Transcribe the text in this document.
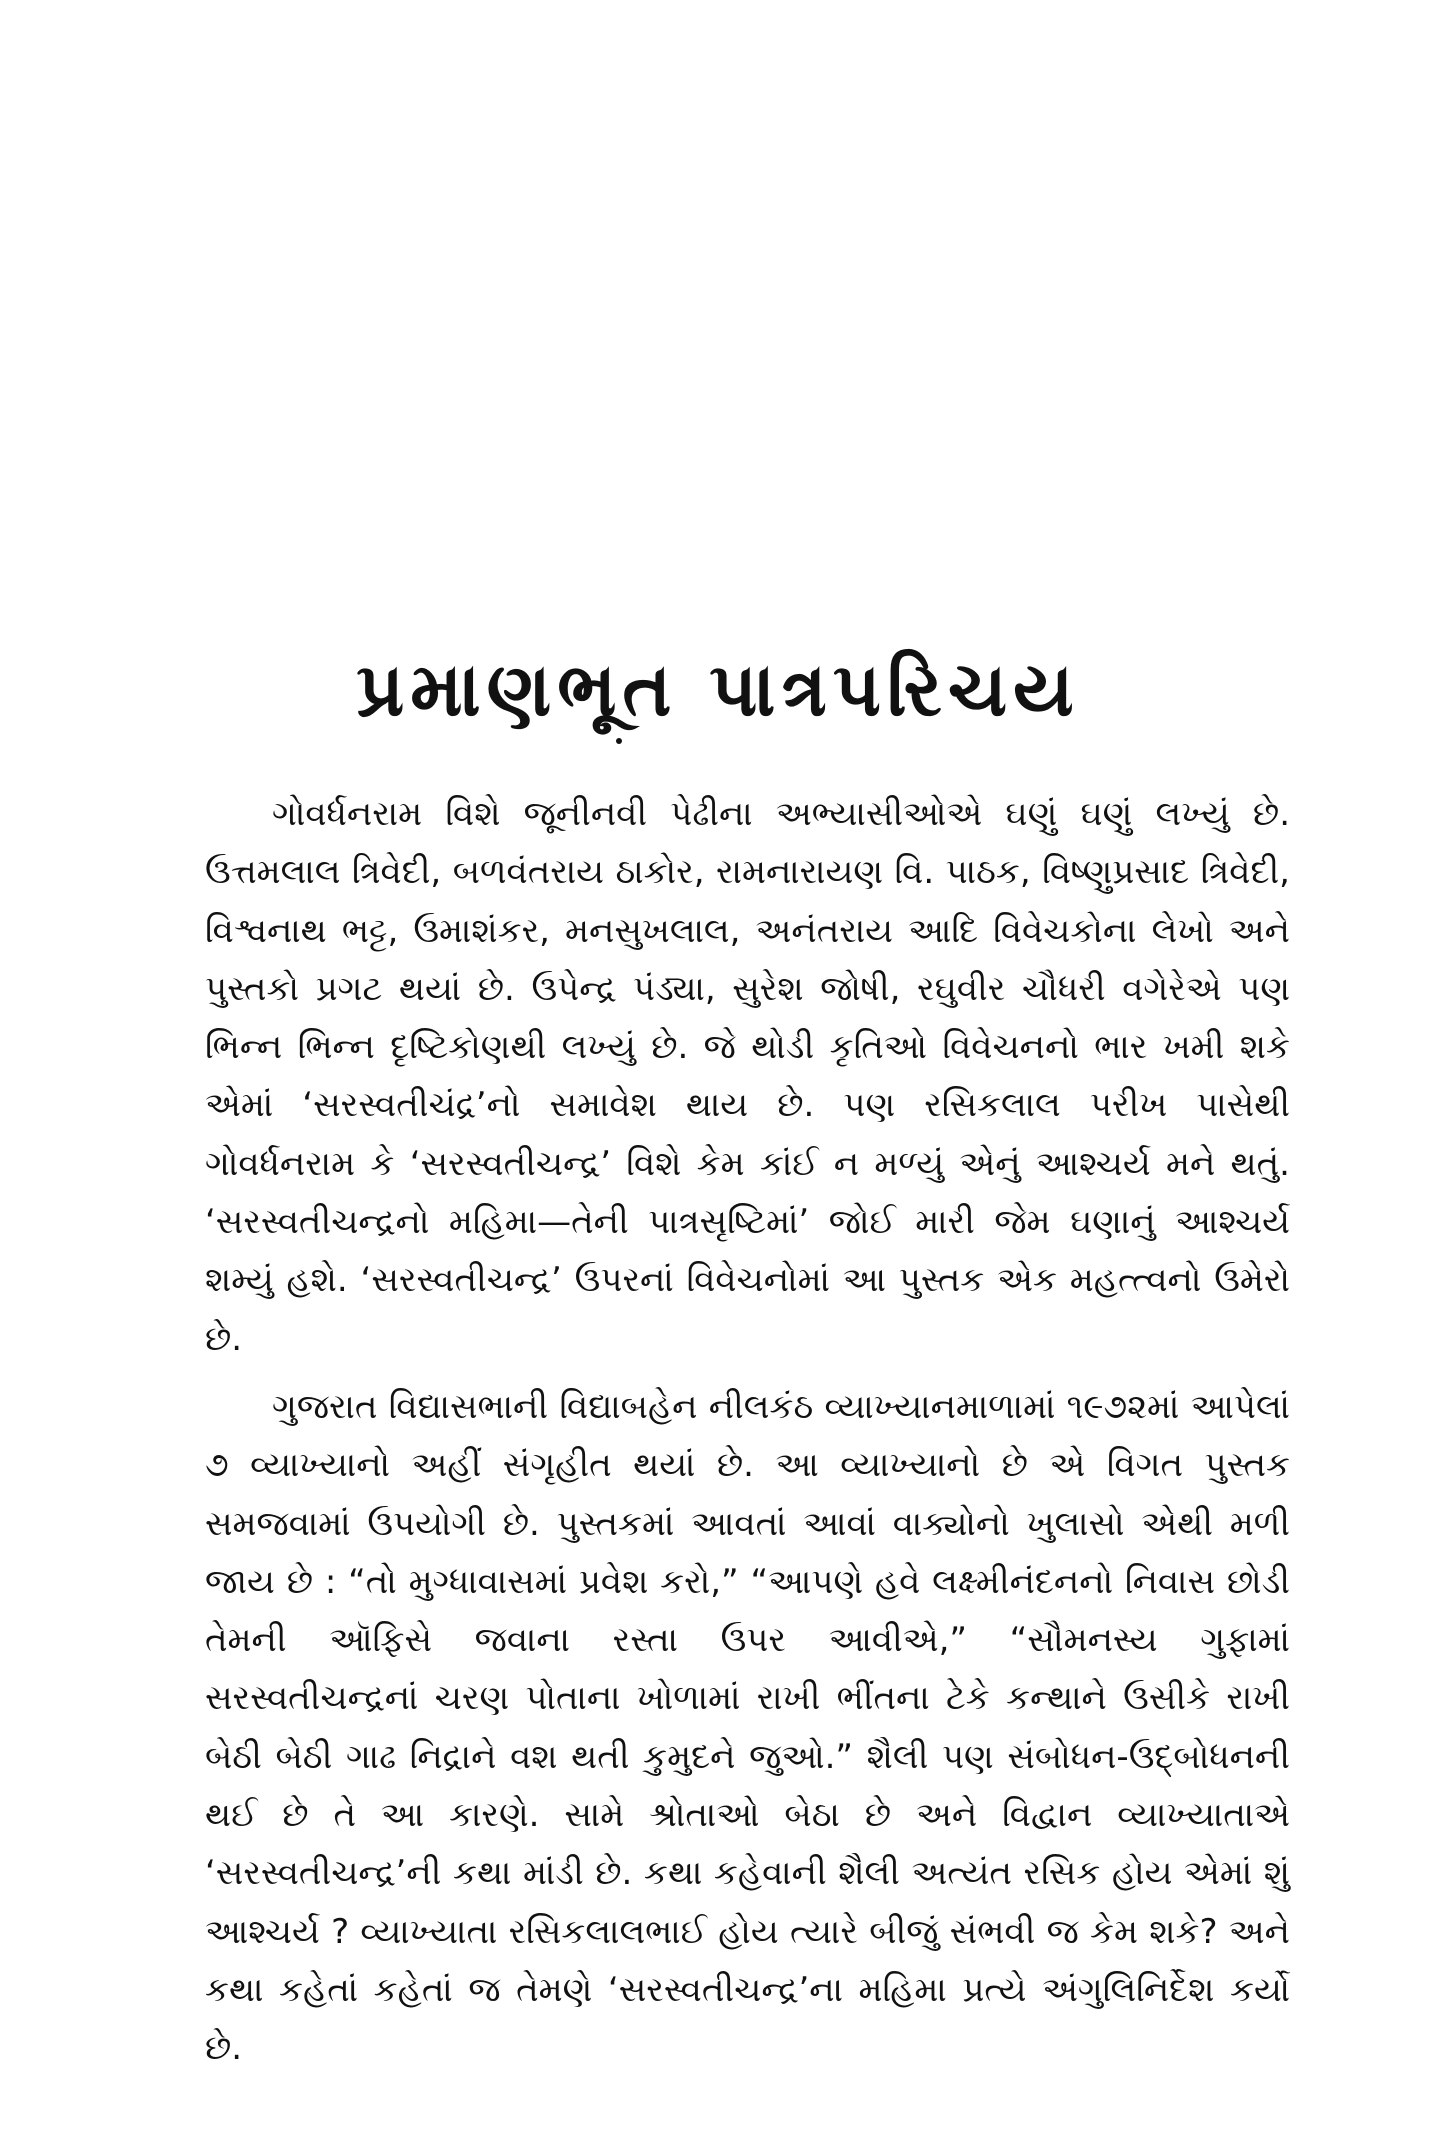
પ્રમાણભૂત પાત્રપરિચય

ગોવર્ધનરામ વિશે જૂનીનવી પેઢીના અભ્યાસીઓએ ઘણું ઘણું લખ્યું છે. ઉત્તમલાલ ત્રિવેદી, બળવંતરાય ઠાકોર, રામનારાયણ વિ. પાઠક, વિષ્ણુપ્રસાદ ત્રિવેદી, વિશ્વનાથ ભટ્ટ, ઉમાશંકર, મનસુખલાલ, અનંતરાય આદિ વિવેચકોના લેખો અને પુસ્તકો પ્રગટ થયાં છે. ઉપેન્દ્ર પંડ્યા, સુરેશ જોષી, રઘુવીર ચૌધરી વગેરેએ પણ ભિન્ન ભિન્ન દૃષ્ટિકોણથી લખ્યું છે. જે થોડી કૃતિઓ વિવેચનનો ભાર ખમી શકે એમાં ‘સરસ્વતીચંદ્ર’નો સમાવેશ થાય છે. પણ રસિકલાલ પરીખ પાસેથી ગોવર્ધનરામ કે ‘સરસ્વતીચન્દ્ર’ વિશે કેમ કાંઈ ન મળ્યું એનું આશ્ચર્ય મને થતું. ‘સરસ્વતીચન્દ્રનો મહિમા—તેની પાત્રસૃષ્ટિમાં’ જોઈ મારી જેમ ઘણાનું આશ્ચર્ય શમ્યું હશે. ‘સરસ્વતીચન્દ્ર’ ઉપરનાં વિવેચનોમાં આ પુસ્તક એક મહત્ત્વનો ઉમેરો છે.

ગુજરાત વિદ્યાસભાની વિદ્યાબહેન નીલકંઠ વ્યાખ્યાનમાળામાં ૧૯૭૨માં આપેલાં ૭ વ્યાખ્યાનો અહીં સંગૃહીત થયાં છે. આ વ્યાખ્યાનો છે એ વિગત પુસ્તક સમજવામાં ઉપયોગી છે. પુસ્તકમાં આવતાં આવાં વાક્યોનો ખુલાસો એથી મળી જાય છે : “તો મુગ્ધાવાસમાં પ્રવેશ કરો,” “આપણે હવે લક્ષ્મીનંદનનો નિવાસ છોડી તેમની ઑફિસે જવાના રસ્તા ઉપર આવીએ,” “સૌમનસ્ય ગુફામાં સરસ્વતીચન્દ્રનાં ચરણ પોતાના ખોળામાં રાખી ભીંતના ટેકે કન્થાને ઉસીકે રાખી બેઠી બેઠી ગાઢ નિદ્રાને વશ થતી કુમુદને જુઓ.” શૈલી પણ સંબોધન-ઉદ્બોધનની થઈ છે તે આ કારણે. સામે શ્રોતાઓ બેઠા છે અને વિદ્વાન વ્યાખ્યાતાએ ‘સરસ્વતીચન્દ્ર’ની કથા માંડી છે. કથા કહેવાની શૈલી અત્યંત રસિક હોય એમાં શું આશ્ચર્ય ? વ્યાખ્યાતા રસિકલાલભાઈ હોય ત્યારે બીજું સંભવી જ કેમ શકે? અને કથા કહેતાં કહેતાં જ તેમણે ‘સરસ્વતીચન્દ્ર’ના મહિમા પ્રત્યે અંગુલિનિર્દેશ કર્યો છે.
